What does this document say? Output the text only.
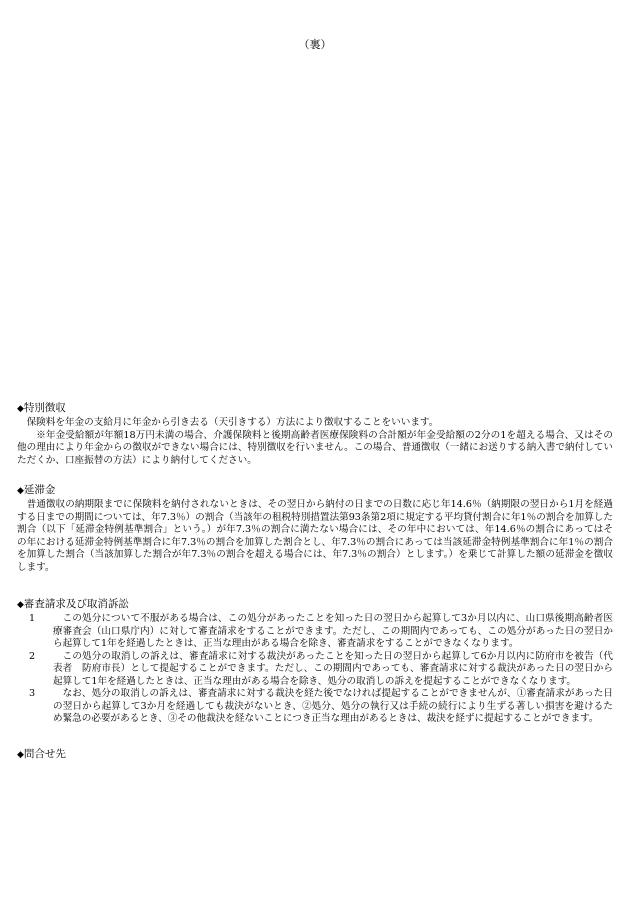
（裏）

◆特別徴収

保険料を年金の支給月に年金から引き去る（天引きする）方法により徴収することをいいます。

※年金受給額が年額18万円未満の場合、介護保険料と後期高齢者医療保険料の合計額が年金受給額の2分の1を超える場合、又はその他の理由により年金からの徴収ができない場合には、特別徴収を行いません。この場合、普通徴収（一緒にお送りする納入書で納付していただくか、口座振替の方法）により納付してください。

◆延滞金

普通徴収の納期限までに保険料を納付されないときは、その翌日から納付の日までの日数に応じ年14.6％（納期限の翌日から1月を経過する日までの期間については、年7.3％）の割合（当該年の租税特別措置法第93条第2項に規定する平均貸付割合に年1％の割合を加算した割合（以下「延滞金特例基準割合」という。）が年7.3％の割合に満たない場合には、その年中においては、年14.6％の割合にあってはその年における延滞金特例基準割合に年7.3％の割合を加算した割合とし、年7.3％の割合にあっては当該延滞金特例基準割合に年1％の割合を加算した割合（当該加算した割合が年7.3％の割合を超える場合には、年7.3％の割合）とします。）を乗じて計算した額の延滞金を徴収します。

◆審査請求及び取消訴訟

1	この処分について不服がある場合は、この処分があったことを知った日の翌日から起算して3か月以内に、山口県後期高齢者医療審査会（山口県庁内）に対して審査請求をすることができます。ただし、この期間内であっても、この処分があった日の翌日から起算して1年を経過したときは、正当な理由がある場合を除き、審査請求をすることができなくなります。
2	この処分の取消しの訴えは、審査請求に対する裁決があったことを知った日の翌日から起算して6か月以内に防府市を被告（代表者　防府市長）として提起することができます。ただし、この期間内であっても、審査請求に対する裁決があった日の翌日から起算して1年を経過したときは、正当な理由がある場合を除き、処分の取消しの訴えを提起することができなくなります。
3	なお、処分の取消しの訴えは、審査請求に対する裁決を経た後でなければ提起することができませんが、①審査請求があった日の翌日から起算して3か月を経過しても裁決がないとき、②処分、処分の執行又は手続の続行により生ずる著しい損害を避けるため緊急の必要があるとき、③その他裁決を経ないことにつき正当な理由があるときは、裁決を経ずに提起することができます。

◆問合せ先
